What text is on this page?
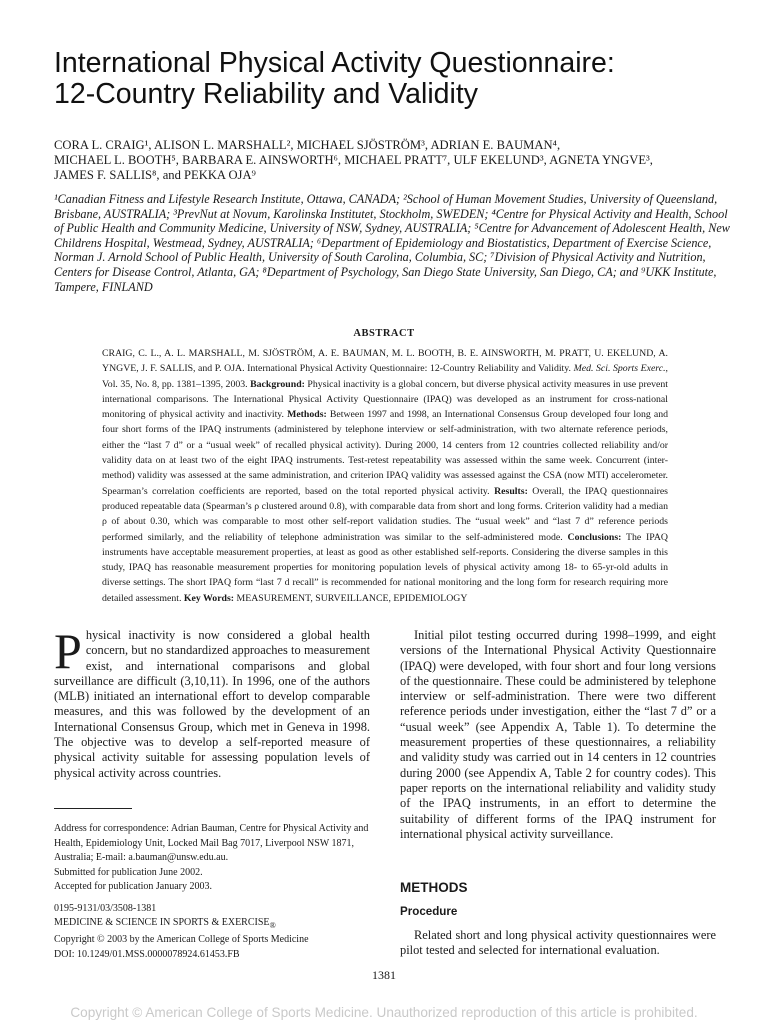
International Physical Activity Questionnaire:
12-Country Reliability and Validity
CORA L. CRAIG¹, ALISON L. MARSHALL², MICHAEL SJÖSTRÖM³, ADRIAN E. BAUMAN⁴,
MICHAEL L. BOOTH⁵, BARBARA E. AINSWORTH⁶, MICHAEL PRATT⁷, ULF EKELUND³, AGNETA YNGVE³,
JAMES F. SALLIS⁸, and PEKKA OJA⁹
¹Canadian Fitness and Lifestyle Research Institute, Ottawa, CANADA; ²School of Human Movement Studies, University of Queensland, Brisbane, AUSTRALIA; ³PrevNut at Novum, Karolinska Institutet, Stockholm, SWEDEN; ⁴Centre for Physical Activity and Health, School of Public Health and Community Medicine, University of NSW, Sydney, AUSTRALIA; ⁵Centre for Advancement of Adolescent Health, New Childrens Hospital, Westmead, Sydney, AUSTRALIA; ⁶Department of Epidemiology and Biostatistics, Department of Exercise Science, Norman J. Arnold School of Public Health, University of South Carolina, Columbia, SC; ⁷Division of Physical Activity and Nutrition, Centers for Disease Control, Atlanta, GA; ⁸Department of Psychology, San Diego State University, San Diego, CA; and ⁹UKK Institute, Tampere, FINLAND
ABSTRACT
CRAIG, C. L., A. L. MARSHALL, M. SJÖSTRÖM, A. E. BAUMAN, M. L. BOOTH, B. E. AINSWORTH, M. PRATT, U. EKELUND, A. YNGVE, J. F. SALLIS, and P. OJA. International Physical Activity Questionnaire: 12-Country Reliability and Validity. Med. Sci. Sports Exerc., Vol. 35, No. 8, pp. 1381–1395, 2003. Background: Physical inactivity is a global concern, but diverse physical activity measures in use prevent international comparisons. The International Physical Activity Questionnaire (IPAQ) was developed as an instrument for cross-national monitoring of physical activity and inactivity. Methods: Between 1997 and 1998, an International Consensus Group developed four long and four short forms of the IPAQ instruments (administered by telephone interview or self-administration, with two alternate reference periods, either the “last 7 d” or a “usual week” of recalled physical activity). During 2000, 14 centers from 12 countries collected reliability and/or validity data on at least two of the eight IPAQ instruments. Test-retest repeatability was assessed within the same week. Concurrent (inter-method) validity was assessed at the same administration, and criterion IPAQ validity was assessed against the CSA (now MTI) accelerometer. Spearman’s correlation coefficients are reported, based on the total reported physical activity. Results: Overall, the IPAQ questionnaires produced repeatable data (Spearman’s ρ clustered around 0.8), with comparable data from short and long forms. Criterion validity had a median ρ of about 0.30, which was comparable to most other self-report validation studies. The “usual week” and “last 7 d” reference periods performed similarly, and the reliability of telephone administration was similar to the self-administered mode. Conclusions: The IPAQ instruments have acceptable measurement properties, at least as good as other established self-reports. Considering the diverse samples in this study, IPAQ has reasonable measurement properties for monitoring population levels of physical activity among 18- to 65-yr-old adults in diverse settings. The short IPAQ form “last 7 d recall” is recommended for national monitoring and the long form for research requiring more detailed assessment. Key Words: MEASUREMENT, SURVEILLANCE, EPIDEMIOLOGY
P hysical inactivity is now considered a global health concern, but no standardized approaches to measurement exist, and international comparisons and global surveillance are difficult (3,10,11). In 1996, one of the authors (MLB) initiated an international effort to develop comparable measures, and this was followed by the development of an International Consensus Group, which met in Geneva in 1998. The objective was to develop a self-reported measure of physical activity suitable for assessing population levels of physical activity across countries.

Initial pilot testing occurred during 1998–1999, and eight versions of the International Physical Activity Questionnaire (IPAQ) were developed, with four short and four long versions of the questionnaire. These could be administered by telephone interview or self-administration. There were two different reference periods under investigation, either the “last 7 d” or a “usual week” (see Appendix A, Table 1). To determine the measurement properties of these questionnaires, a reliability and validity study was carried out in 14 centers in 12 countries during 2000 (see Appendix A, Table 2 for country codes). This paper reports on the international reliability and validity study of the IPAQ instruments, in an effort to determine the suitability of different forms of the IPAQ instrument for international physical activity surveillance.

Address for correspondence: Adrian Bauman, Centre for Physical Activity and Health, Epidemiology Unit, Locked Mail Bag 7017, Liverpool NSW 1871, Australia; E-mail: a.bauman@unsw.edu.au.

Submitted for publication June 2002.

Accepted for publication January 2003.

0195-9131/03/3508-1381
MEDICINE & SCIENCE IN SPORTS & $EXERCISE_®$
Copyright © 2003 by the American College of Sports Medicine
DOI: 10.1249/01.MSS.0000078924.61453.FB
METHODS
Procedure

Related short and long physical activity questionnaires were pilot tested and selected for international evaluation.

1381
Copyright © American College of Sports Medicine. Unauthorized reproduction of this article is prohibited.
